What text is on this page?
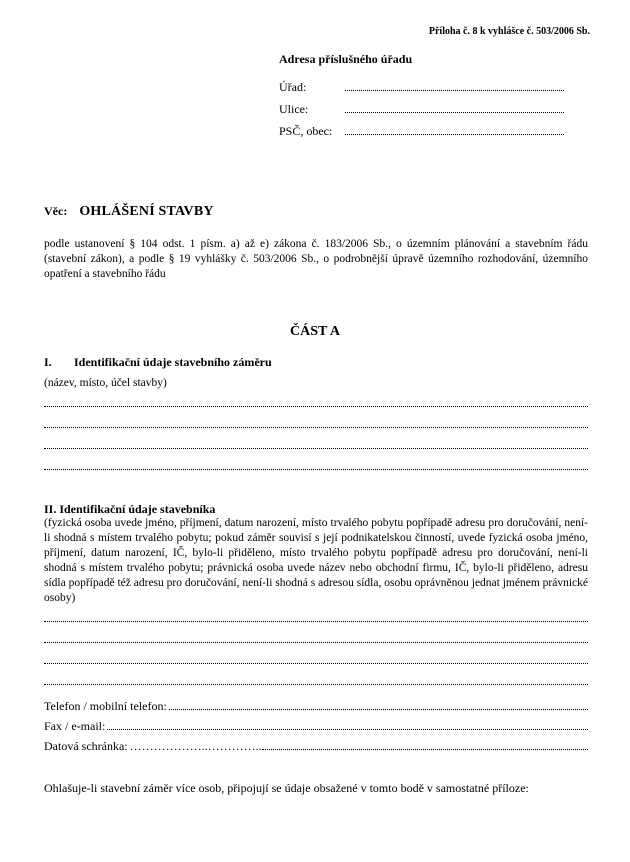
Příloha č. 8 k vyhlášce č. 503/2006 Sb.
Adresa příslušného úřadu
Úřad:
Ulice:
PSČ, obec:
Věc: OHLÁŠENÍ STAVBY
podle ustanovení § 104 odst. 1 písm. a) až e) zákona č. 183/2006 Sb., o územním plánování a stavebním řádu (stavební zákon), a podle § 19 vyhlášky č. 503/2006 Sb., o podrobnější úpravě územního rozhodování, územního opatření a stavebního řádu
ČÁST A
I.	Identifikační údaje stavebního záměru
(název, místo, účel stavby)
II. Identifikační údaje stavebníka
(fyzická osoba uvede jméno, příjmení, datum narození, místo trvalého pobytu popřípadě adresu pro doručování, není-li shodná s místem trvalého pobytu; pokud záměr souvisí s její podnikatelskou činností, uvede fyzická osoba jméno, příjmení, datum narození, IČ, bylo-li přiděleno, místo trvalého pobytu popřípadě adresu pro doručování, není-li shodná s místem trvalého pobytu; právnická osoba uvede název nebo obchodní firmu, IČ, bylo-li přiděleno, adresu sídla popřípadě též adresu pro doručování, není-li shodná s adresou sídla, osobu oprávněnou jednat jménem právnické osoby)
Telefon / mobilní telefon:
Fax / e-mail:
Datová schránka: ………………..…………..
Ohlašuje-li stavební záměr více osob, připojují se údaje obsažené v tomto bodě v samostatné příloze:
